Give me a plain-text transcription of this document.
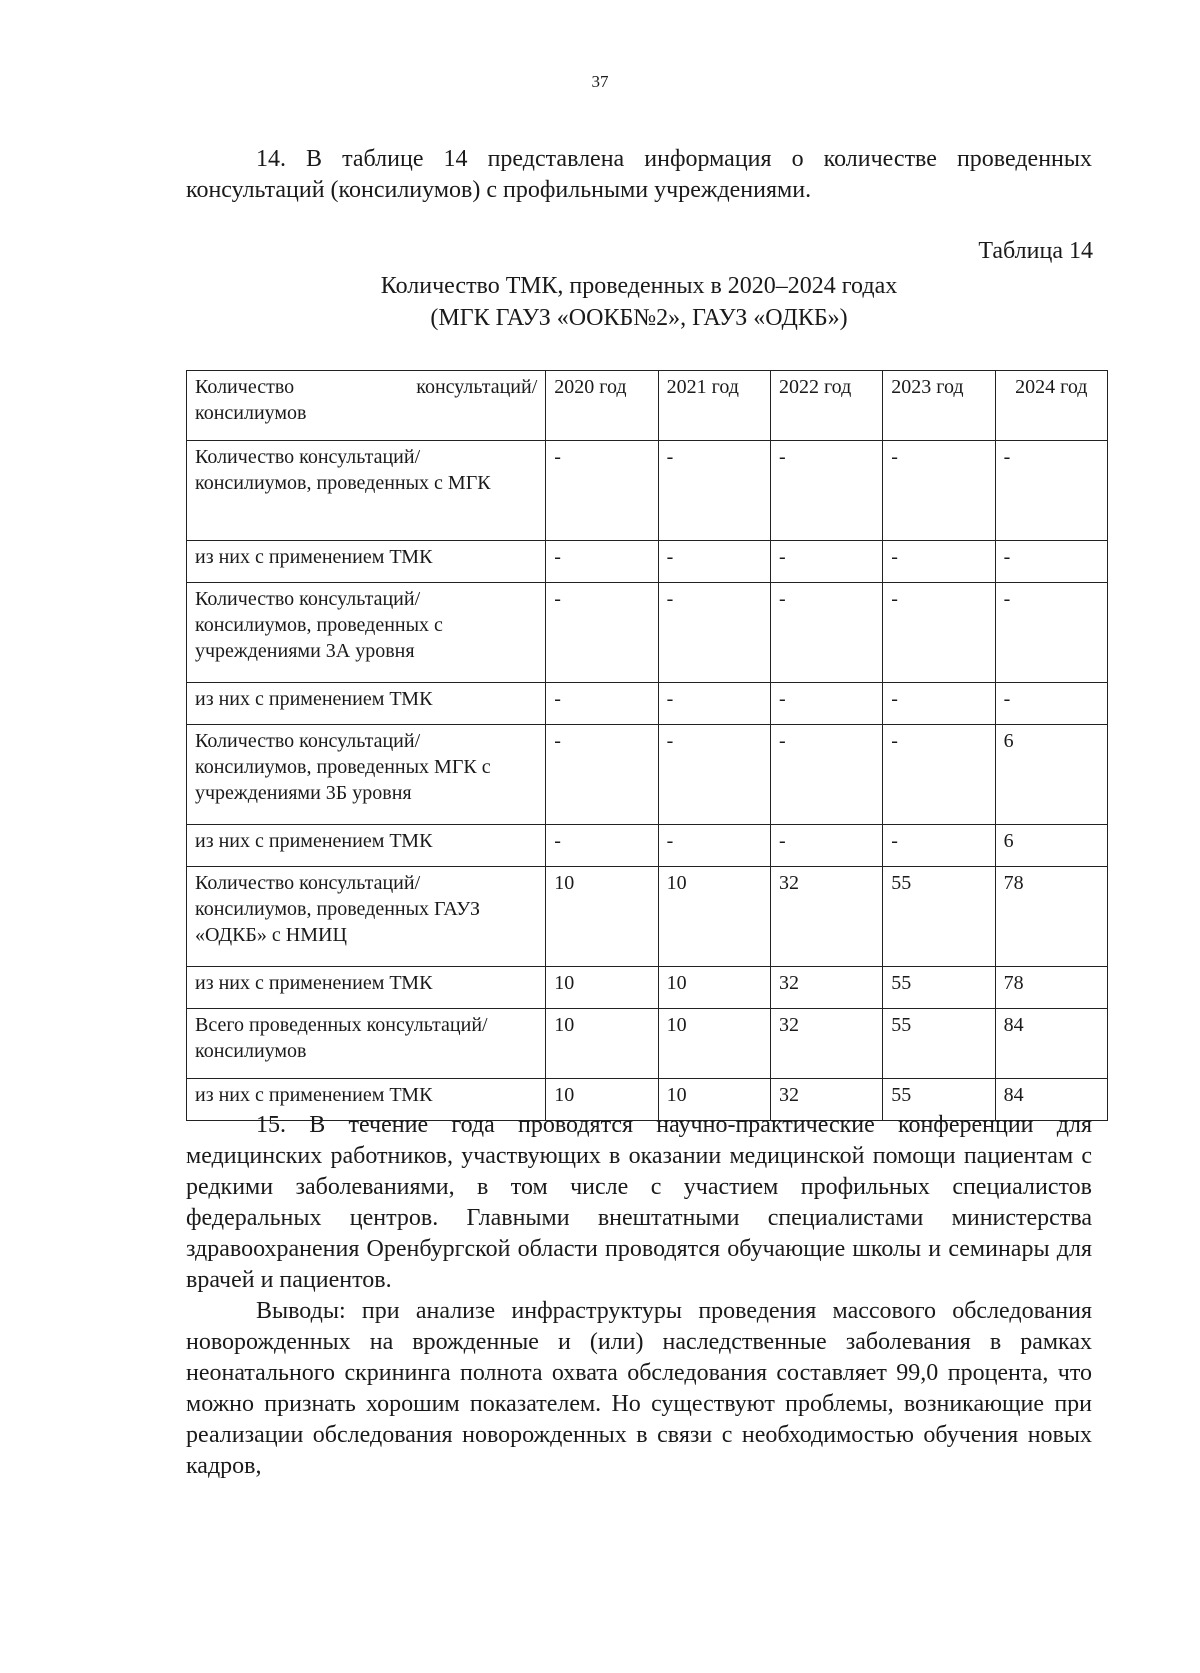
37

14. В таблице 14 представлена информация о количестве проведенных консультаций (консилиумов) с профильными учреждениями.

Таблица 14
Количество ТМК, проведенных в 2020–2024 годах
(МГК ГАУЗ «ООКБ№2», ГАУЗ «ОДКБ»)
Количество консультаций/
консилиумов	2020 год	2021 год	2022 год	2023 год	2024 год
Количество консультаций/ консилиумов, проведенных с МГК	-	-	-	-	-
из них с применением ТМК	-	-	-	-	-
Количество консультаций/ консилиумов, проведенных с учреждениями 3А уровня	-	-	-	-	-
из них с применением ТМК	-	-	-	-	-
Количество консультаций/ консилиумов, проведенных МГК с учреждениями 3Б уровня	-	-	-	-	6
из них с применением ТМК	-	-	-	-	6
Количество консультаций/ консилиумов, проведенных ГАУЗ «ОДКБ» с НМИЦ	10	10	32	55	78
из них с применением ТМК	10	10	32	55	78
Всего проведенных консультаций/консилиумов	10	10	32	55	84
из них с применением ТМК	10	10	32	55	84

15. В течение года проводятся научно-практические конференции для медицинских работников, участвующих в оказании медицинской помощи пациентам с редкими заболеваниями, в том числе с участием профильных специалистов федеральных центров. Главными внештатными специалистами министерства здравоохранения Оренбургской области проводятся обучающие школы и семинары для врачей и пациентов.

Выводы: при анализе инфраструктуры проведения массового обследования новорожденных на врожденные и (или) наследственные заболевания в рамках неонатального скрининга полнота охвата обследования составляет 99,0 процента, что можно признать хорошим показателем. Но существуют проблемы, возникающие при реализации обследования новорожденных в связи с необходимостью обучения новых кадров,
